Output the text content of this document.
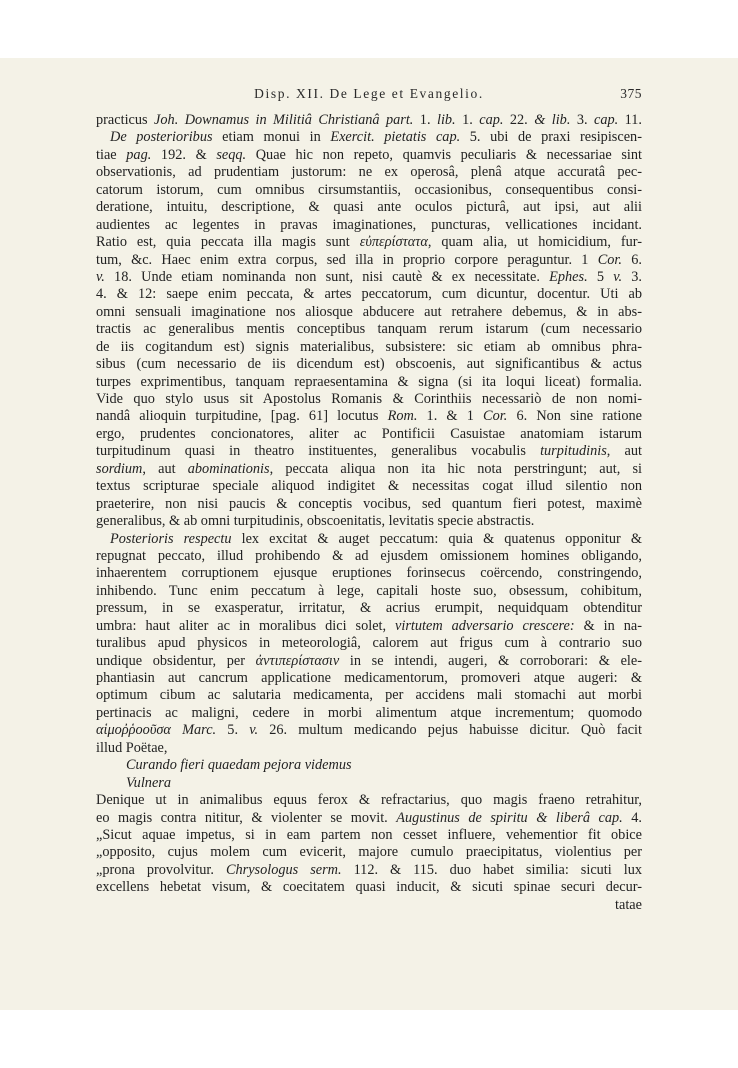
Disp. XII. De Lege et Evangelio.	375
practicus Joh. Downamus in Militiâ Christianâ part. 1. lib. 1. cap. 22. & lib. 3. cap. 11.
De posterioribus etiam monui in Exercit. pietatis cap. 5. ubi de praxi resipiscen-
tiae pag. 192. & seqq. Quae hic non repeto, quamvis peculiaris & necessariae sint
observationis, ad prudentiam justorum: ne ex operosâ, plenâ atque accuratâ pec-
catorum istorum, cum omnibus cirsumstantiis, occasionibus, consequentibus consi-
deratione, intuitu, descriptione, & quasi ante oculos picturâ, aut ipsi, aut alii
audientes ac legentes in pravas imaginationes, puncturas, vellicationes incidant.
Ratio est, quia peccata illa magis sunt εὐπερίστατα, quam alia, ut homicidium, fur-
tum, &c. Haec enim extra corpus, sed illa in proprio corpore peraguntur. 1 Cor. 6.
v. 18. Unde etiam nominanda non sunt, nisi cautè & ex necessitate. Ephes. 5 v. 3.
4. & 12: saepe enim peccata, & artes peccatorum, cum dicuntur, docentur. Uti ab
omni sensuali imaginatione nos aliosque abducere aut retrahere debemus, & in abs-
tractis ac generalibus mentis conceptibus tanquam rerum istarum (cum necessario
de iis cogitandum est) signis materialibus, subsistere: sic etiam ab omnibus phra-
sibus (cum necessario de iis dicendum est) obscoenis, aut significantibus & actus
turpes exprimentibus, tanquam repraesentamina & signa (si ita loqui liceat) formalia.
Vide quo stylo usus sit Apostolus Romanis & Corinthiis necessariò de non nomi-
nandâ alioquin turpitudine, [pag. 61] locutus Rom. 1. & 1 Cor. 6. Non sine ratione
ergo, prudentes concionatores, aliter ac Pontificii Casuistae anatomiam istarum
turpitudinum quasi in theatro instituentes, generalibus vocabulis turpitudinis, aut
sordium, aut abominationis, peccata aliqua non ita hic nota perstringunt; aut, si
textus scripturae speciale aliquod indigitet & necessitas cogat illud silentio non
praeterire, non nisi paucis & conceptis vocibus, sed quantum fieri potest, maximè
generalibus, & ab omni turpitudinis, obscoenitatis, levitatis specie abstractis.
Posterioris respectu lex excitat & auget peccatum: quia & quatenus opponitur &
repugnat peccato, illud prohibendo & ad ejusdem omissionem homines obligando,
inhaerentem corruptionem ejusque eruptiones forinsecus coërcendo, constringendo,
inhibendo. Tunc enim peccatum à lege, capitali hoste suo, obsessum, cohibitum,
pressum, in se exasperatur, irritatur, & acrius erumpit, nequidquam obtenditur
umbra: haut aliter ac in moralibus dici solet, virtutem adversario crescere: & in na-
turalibus apud physicos in meteorologiâ, calorem aut frigus cum à contrario suo
undique obsidentur, per ἀντιπερίστασιν in se intendi, augeri, & corroborari: & ele-
phantiasin aut cancrum applicatione medicamentorum, promoveri atque augeri: &
optimum cibum ac salutaria medicamenta, per accidens mali stomachi aut morbi
pertinacis ac maligni, cedere in morbi alimentum atque incrementum; quomodo
αἱμοῤῥοοῦσα Marc. 5. v. 26. multum medicando pejus habuisse dicitur. Quò facit
illud Poëtae,
Curando fieri quaedam pejora videmus
Vulnera
Denique ut in animalibus equus ferox & refractarius, quo magis fraeno retrahitur,
eo magis contra nititur, & violenter se movit. Augustinus de spiritu & liberâ cap. 4.
„Sicut aquae impetus, si in eam partem non cesset influere, vehementior fit obice
„opposito, cujus molem cum evicerit, majore cumulo praecipitatus, violentius per
„prona provolvitur. Chrysologus serm. 112. & 115. duo habet similia: sicuti lux
excellens hebetat visum, & coecitatem quasi inducit, & sicuti spinae securi decur-
tatae
